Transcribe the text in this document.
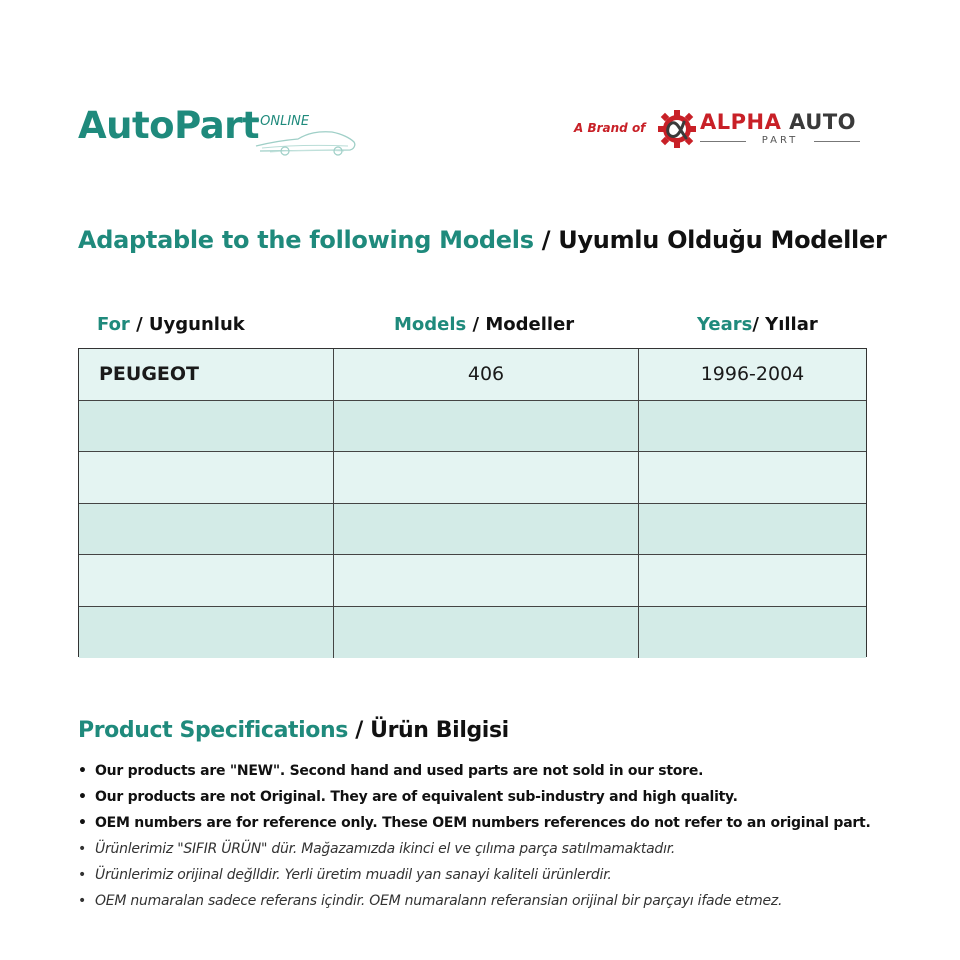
AutoPart
·ONLINE	A Brand of	ALPHA AUTO
PART
Adaptable to the following Models / Uyumlu Olduğu Modeller
For / Uygunluk	Models / Modeller	Years/ Yıllar
PEUGEOT	406	1996-2004
Product Specifications / Ürün Bilgisi
• Our products are "NEW". Second hand and used parts are not sold in our store.
• Our products are not Original. They are of equivalent sub-industry and high quality.
• OEM numbers are for reference only. These OEM numbers references do not refer to an original part.
• Ürünlerimiz "SIFIR ÜRÜN" dür. Mağazamızda ikinci el ve çılıma parça satılmamaktadır.
• Ürünlerimiz orijinal değlldir. Yerli üretim muadil yan sanayi kaliteli ürünlerdir.
• OEM numaralan sadece referans içindir. OEM numaralann referansian orijinal bir parçayı ifade etmez.
